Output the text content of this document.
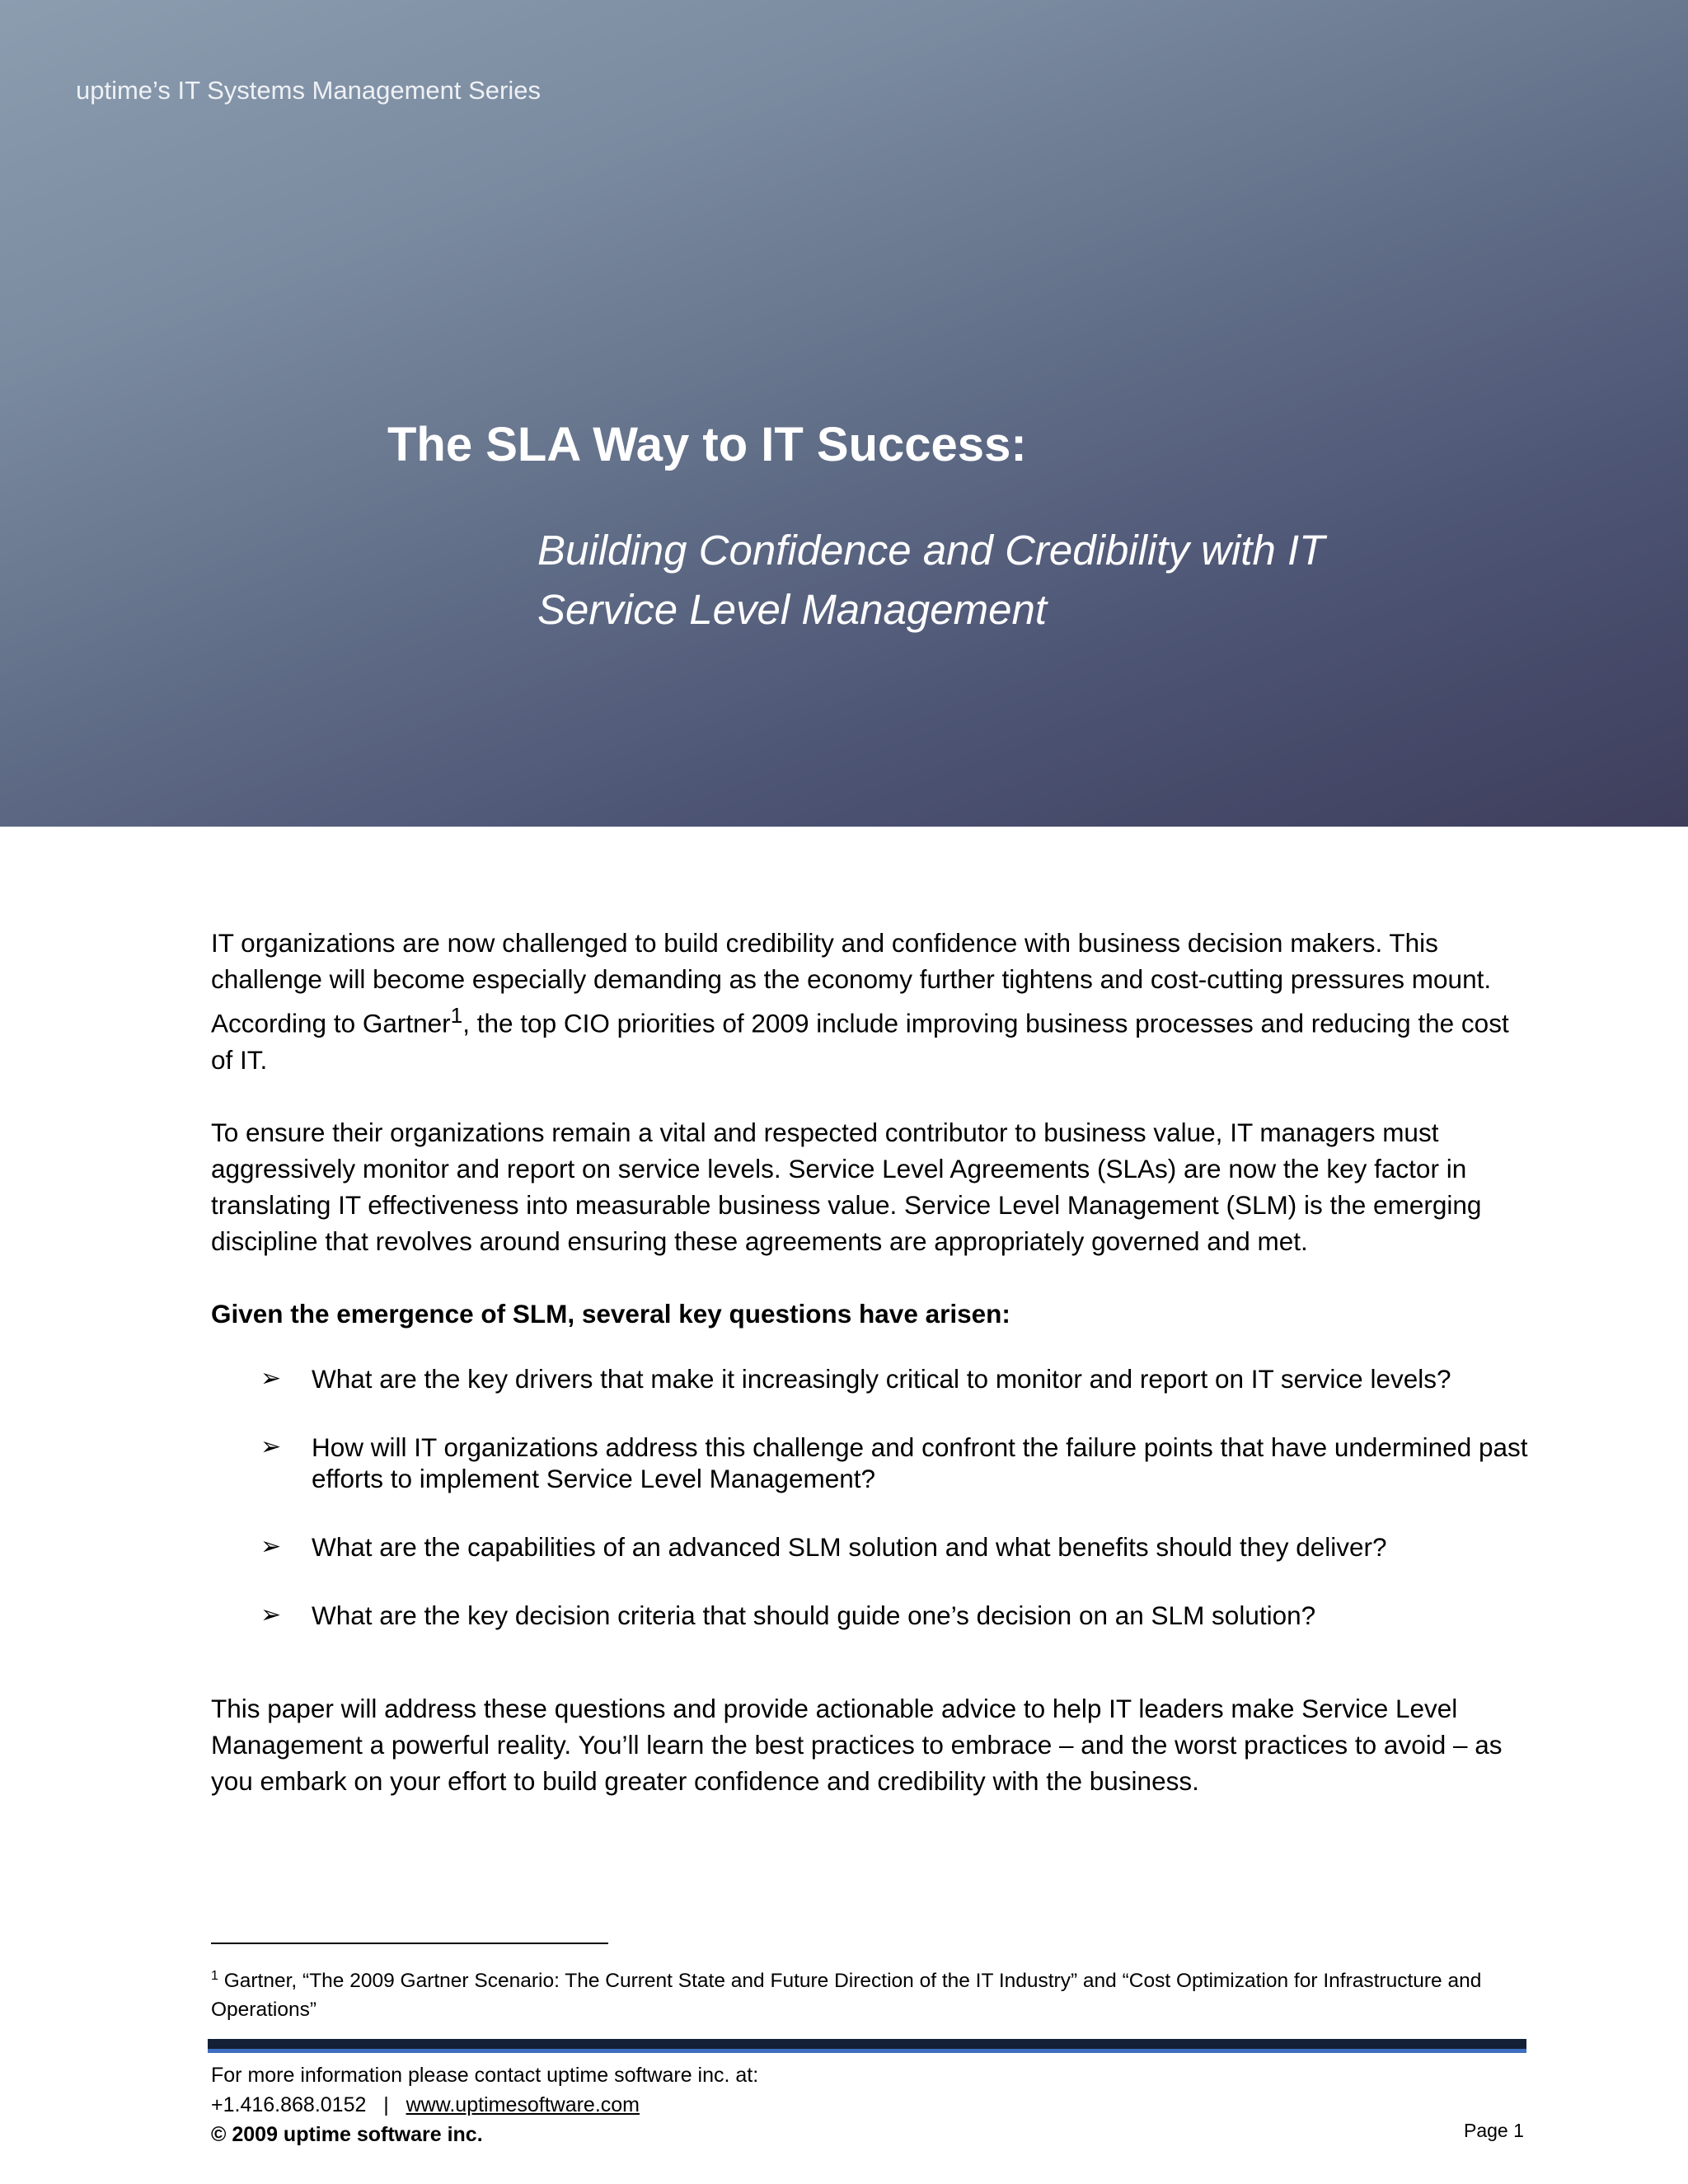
uptime’s IT Systems Management Series
The SLA Way to IT Success:
Building Confidence and Credibility with IT
Service Level Management

IT organizations are now challenged to build credibility and confidence with business decision makers. This challenge will become especially demanding as the economy further tightens and cost-cutting pressures mount. According to Gartner$^1$, the top CIO priorities of 2009 include improving business processes and reducing the cost of IT.

To ensure their organizations remain a vital and respected contributor to business value, IT managers must aggressively monitor and report on service levels. Service Level Agreements (SLAs) are now the key factor in translating IT effectiveness into measurable business value. Service Level Management (SLM) is the emerging discipline that revolves around ensuring these agreements are appropriately governed and met.

Given the emergence of SLM, several key questions have arisen:

➢ What are the key drivers that make it increasingly critical to monitor and report on IT service levels?
➢ How will IT organizations address this challenge and confront the failure points that have undermined past efforts to implement Service Level Management?
➢ What are the capabilities of an advanced SLM solution and what benefits should they deliver?
➢ What are the key decision criteria that should guide one’s decision on an SLM solution?

This paper will address these questions and provide actionable advice to help IT leaders make Service Level Management a powerful reality. You’ll learn the best practices to embrace – and the worst practices to avoid – as you embark on your effort to build greater confidence and credibility with the business.

$^1$ Gartner, “The 2009 Gartner Scenario: The Current State and Future Direction of the IT Industry” and “Cost Optimization for Infrastructure and Operations”
For more information please contact uptime software inc. at:
+1.416.868.0152 | www.uptimesoftware.com
© 2009 uptime software inc.	Page 1
